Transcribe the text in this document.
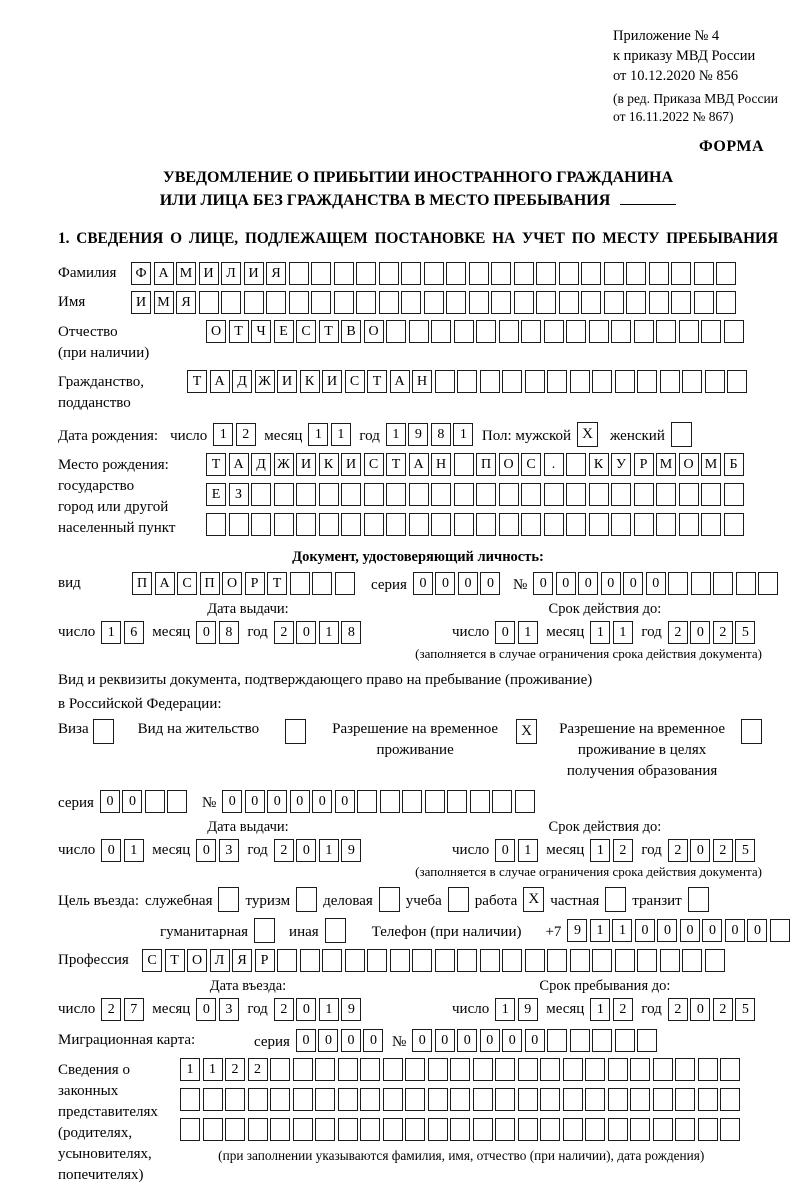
Приложение № 4
к приказу МВД России
от 10.12.2020 № 856
(в ред. Приказа МВД России
от 16.11.2022 № 867)
ФОРМА
УВЕДОМЛЕНИЕ О ПРИБЫТИИ ИНОСТРАННОГО ГРАЖДАНИНА
ИЛИ ЛИЦА БЕЗ ГРАЖДАНСТВА В МЕСТО ПРЕБЫВАНИЯ
1. СВЕДЕНИЯ О ЛИЦЕ, ПОДЛЕЖАЩЕМ ПОСТАНОВКЕ НА УЧЕТ ПО МЕСТУ ПРЕБЫВАНИЯ
Фамилия	Ф А М И Л И Я
Имя	И М Я
Отчество
(при наличии)
О Т Ч Е С Т В О
Гражданство,
подданство
Т А Д Ж И К И С Т А Н
Дата рождения: число 1	2	месяц 1	1	год 1	9	8	1	Пол: мужской X	женский
Место рождения:
государство
город или другой
населенный пункт
Т А Д Ж И К И С Т А Н	П О С	.	К У Р М О М Б
Е	З
Документ, удостоверяющий личность:
вид	П А С П О Р	Т	серия 0	0	0	0	№ 0	0	0	0	0	0
Дата выдачи:
число 1	6	месяц 0	8	год 2	0	1	8
Срок действия до:
число 0	1	месяц 1	1	год 2	0	2	5
(заполняется в случае ограничения срока действия документа)
Вид и реквизиты документа, подтверждающего право на пребывание (проживание)
в Российской Федерации:
Виза	Вид на жительство	Разрешение на временное
проживание
X	Разрешение на временное
проживание в целях
получения образования
серия 0	0	№ 0	0	0	0	0	0
Дата выдачи:
число 0	1	месяц 0	3	год 2	0	1	9
Срок действия до:
число 0	1	месяц 1	2	год 2	0	2	5
(заполняется в случае ограничения срока действия документа)
Цель въезда: служебная туризм деловая учеба работа X частная транзит
гуманитарная	иная	Телефон (при наличии) +7 9	1	1	0	0	0	0	0	0
Профессия	С Т О Л Я Р
Дата въезда:
число 2	7	месяц 0	3	год 2	0	1	9
Срок пребывания до:
число 1	9	месяц 1	2	год 2	0	2	5
Миграционная карта:	серия 0	0	0	0	№ 0	0	0	0	0	0
Сведения о
законных
представителях
(родителях,
усыновителях,
попечителях)
1	1	2	2
(при заполнении указываются фамилия, имя, отчество (при наличии), дата рождения)
